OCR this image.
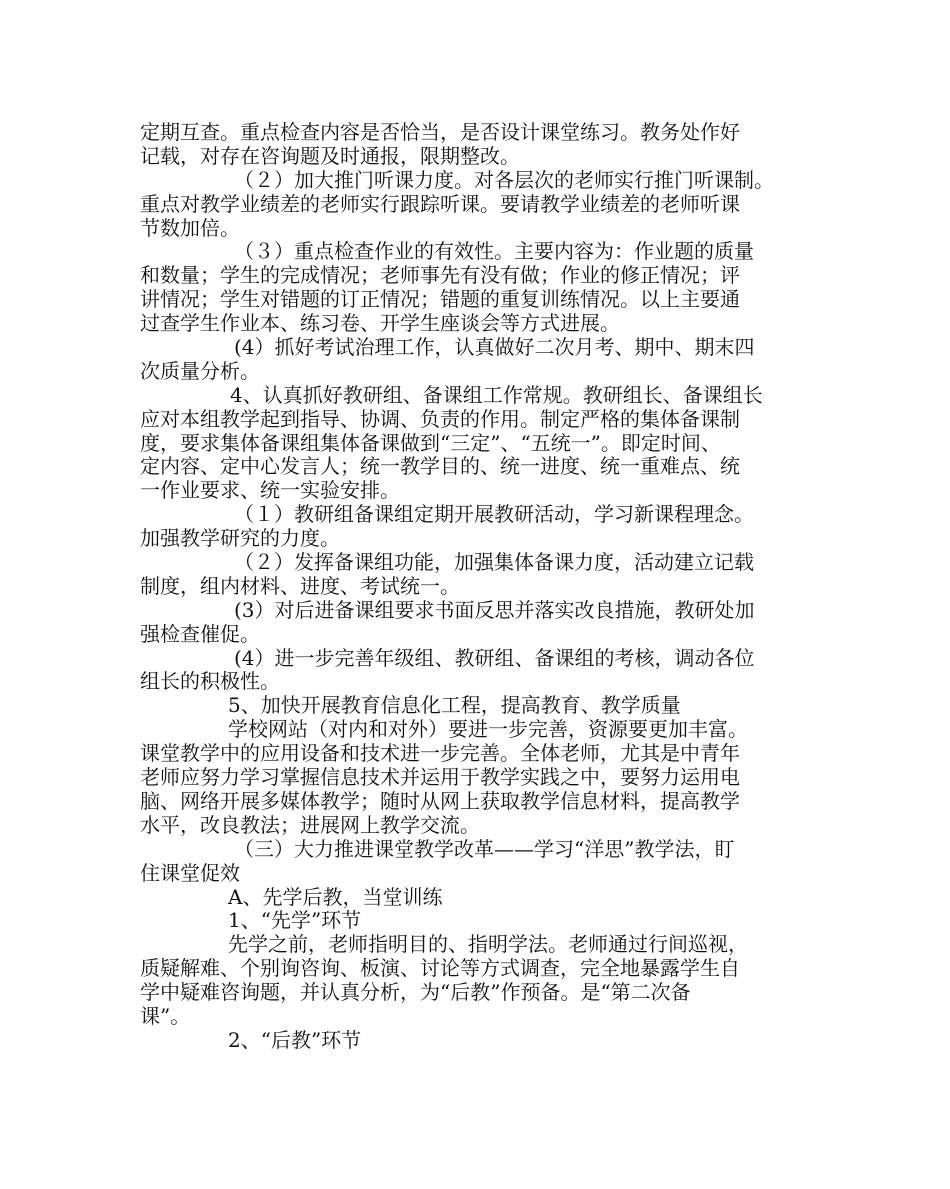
定期互查。重点检查内容是否恰当，是否设计课堂练习。教务处作好
记载，对存在咨询题及时通报，限期整改。
（２）加大推门听课力度。对各层次的老师实行推门听课制。
重点对教学业绩差的老师实行跟踪听课。要请教学业绩差的老师听课
节数加倍。
（３）重点检查作业的有效性。主要内容为：作业题的质量
和数量；学生的完成情况；老师事先有没有做；作业的修正情况；评
讲情况；学生对错题的订正情况；错题的重复训练情况。以上主要通
过查学生作业本、练习卷、开学生座谈会等方式进展。
(4）抓好考试治理工作，认真做好二次月考、期中、期末四
次质量分析。
4、认真抓好教研组、备课组工作常规。教研组长、备课组长
应对本组教学起到指导、协调、负责的作用。制定严格的集体备课制
度，要求集体备课组集体备课做到“三定”、“五统一”。即定时间、
定内容、定中心发言人；统一教学目的、统一进度、统一重难点、统
一作业要求、统一实验安排。
（１）教研组备课组定期开展教研活动，学习新课程理念。
加强教学研究的力度。
（２）发挥备课组功能，加强集体备课力度，活动建立记载
制度，组内材料、进度、考试统一。
(3）对后进备课组要求书面反思并落实改良措施，教研处加
强检查催促。
(4）进一步完善年级组、教研组、备课组的考核，调动各位
组长的积极性。
5、加快开展教育信息化工程，提高教育、教学质量
学校网站（对内和对外）要进一步完善，资源要更加丰富。
课堂教学中的应用设备和技术进一步完善。全体老师，尤其是中青年
老师应努力学习掌握信息技术并运用于教学实践之中，要努力运用电
脑、网络开展多媒体教学；随时从网上获取教学信息材料，提高教学
水平，改良教法；进展网上教学交流。
（三）大力推进课堂教学改革——学习“洋思”教学法，盯
住课堂促效
A、先学后教，当堂训练
1、“先学”环节
先学之前，老师指明目的、指明学法。老师通过行间巡视，
质疑解难、个别询咨询、板演、讨论等方式调查，完全地暴露学生自
学中疑难咨询题，并认真分析，为“后教”作预备。是“第二次备
课”。
2、“后教”环节
